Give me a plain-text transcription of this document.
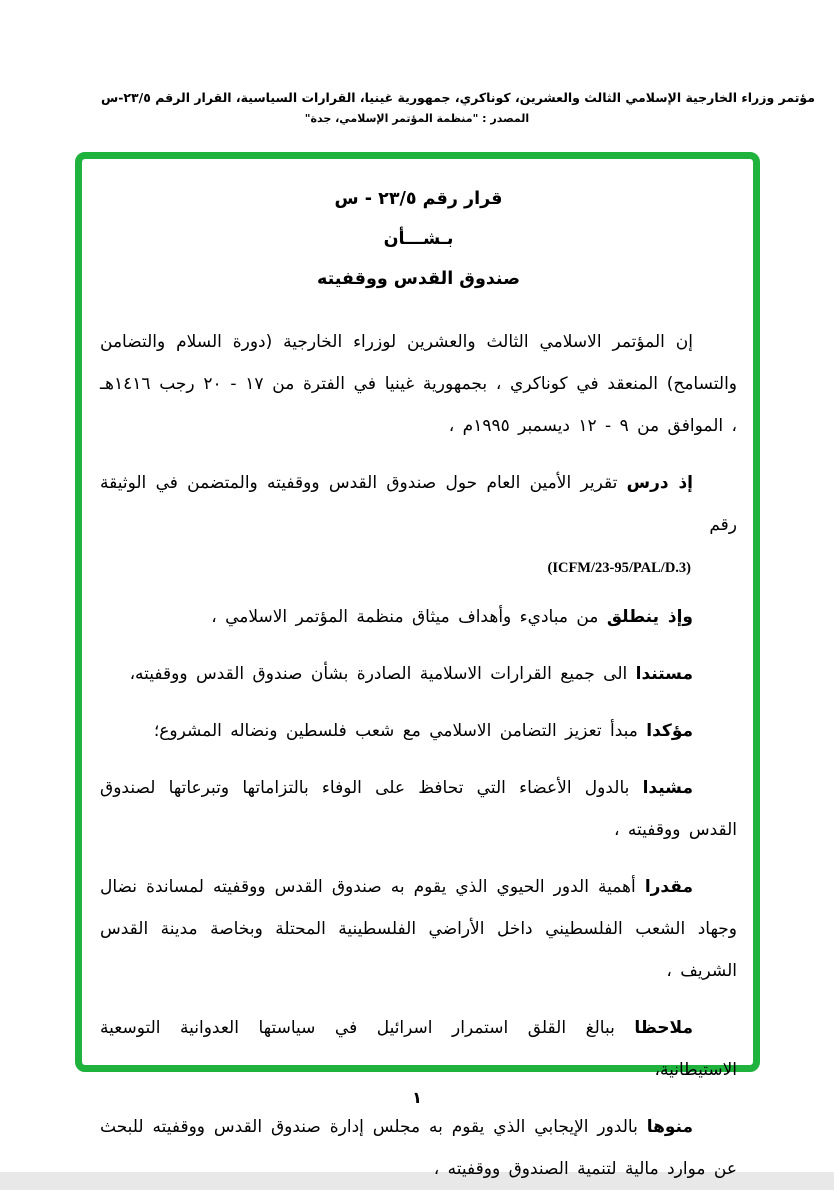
مؤتمر وزراء الخارجية الإسلامي الثالث والعشرين، كوناكري، جمهورية غينيا، القرارات السياسية، القرار الرقم ٢٣/٥-س
المصدر : "منظمة المؤتمر الإسلامي، جدة"
قرار رقم ٢٣/٥ - س
بـشـــأن
صندوق القدس ووقفيته

إن المؤتمر الاسلامي الثالث والعشرين لوزراء الخارجية (دورة السلام والتضامن والتسامح) المنعقد في كوناكري ، بجمهورية غينيا في الفترة من ١٧ - ٢٠ رجب ١٤١٦هـ ، الموافق من ٩ - ١٢ ديسمبر ١٩٩٥م ،

إذ درس تقرير الأمين العام حول صندوق القدس ووقفيته والمتضمن في الوثيقة رقم

(ICFM/23-95/PAL/D.3)

وإذ ينطلق من مباديء وأهداف ميثاق منظمة المؤتمر الاسلامي ،

مستندا الى جميع القرارات الاسلامية الصادرة بشأن صندوق القدس ووقفيته،

مؤكدا مبدأ تعزيز التضامن الاسلامي مع شعب فلسطين ونضاله المشروع؛

مشيدا بالدول الأعضاء التي تحافظ على الوفاء بالتزاماتها وتبرعاتها لصندوق القدس ووقفيته ،

مقدرا أهمية الدور الحيوي الذي يقوم به صندوق القدس ووقفيته لمساندة نضال وجهاد الشعب الفلسطيني داخل الأراضي الفلسطينية المحتلة وبخاصة مدينة القدس الشريف ،

ملاحظا ببالغ القلق استمرار اسرائيل في سياستها العدوانية التوسعية الاستيطانية،

منوها بالدور الإيجابي الذي يقوم به مجلس إدارة صندوق القدس ووقفيته للبحث عن موارد مالية لتنمية الصندوق ووقفيته ،

١
